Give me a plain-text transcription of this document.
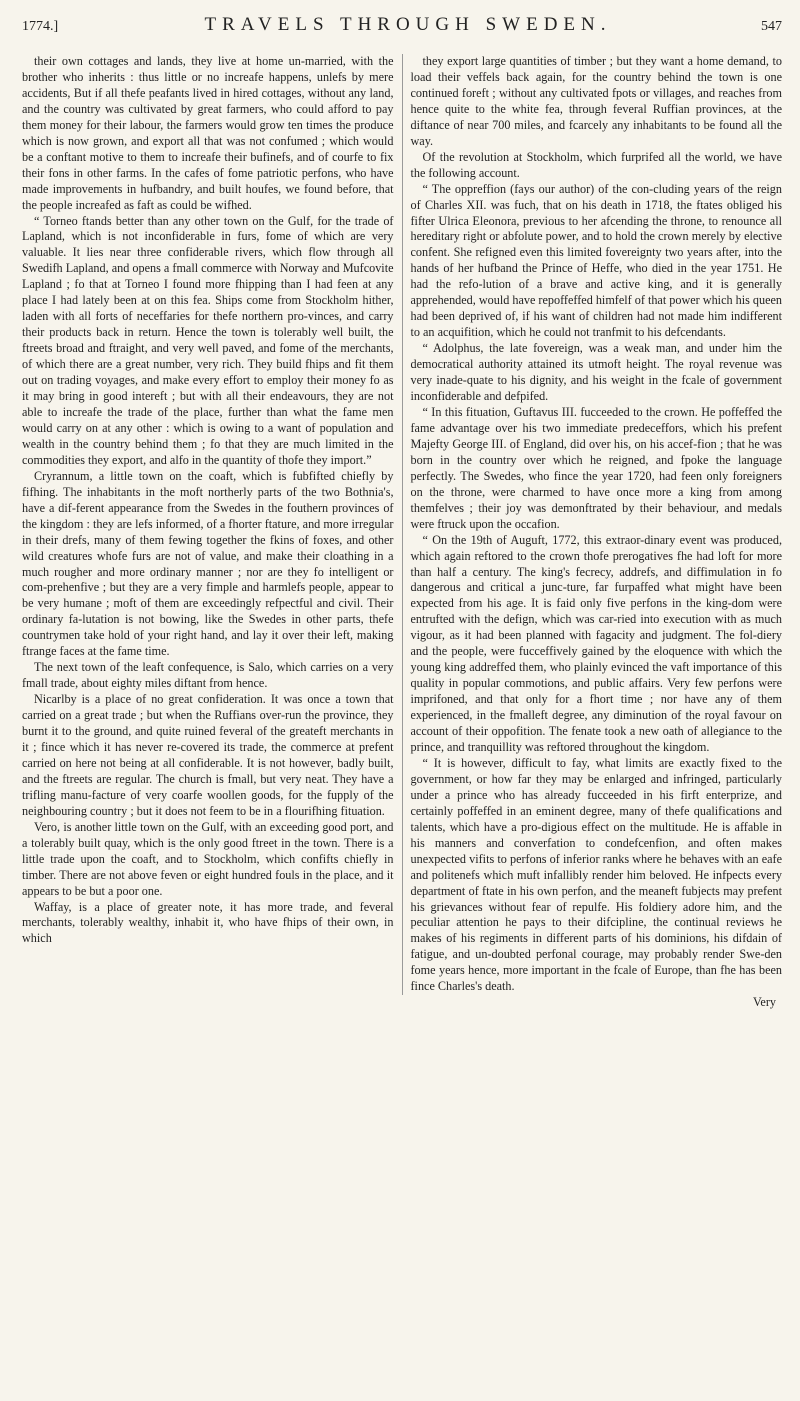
1774.]	TRAVELS THROUGH SWEDEN.	547

their own cottages and lands, they live at home un-married, with the brother who inherits : thus little or no increafe happens, unlefs by mere accidents, But if all thefe peafants lived in hired cottages, without any land, and the country was cultivated by great farmers, who could afford to pay them money for their labour, the farmers would grow ten times the produce which is now grown, and export all that was not confumed ; which would be a conftant motive to them to increafe their bufinefs, and of courfe to fix their fons in other farms. In the cafes of fome patriotic perfons, who have made improvements in hufbandry, and built houfes, we found before, that the people increafed as faft as could be wifhed.

“ Torneo ftands better than any other town on the Gulf, for the trade of Lapland, which is not inconfiderable in furs, fome of which are very valuable. It lies near three confiderable rivers, which flow through all Swedifh Lapland, and opens a fmall commerce with Norway and Mufcovite Lapland ; fo that at Torneo I found more fhipping than I had feen at any place I had lately been at on this fea. Ships come from Stockholm hither, laden with all forts of neceffaries for thefe northern pro-vinces, and carry their products back in return. Hence the town is tolerably well built, the ftreets broad and ftraight, and very well paved, and fome of the merchants, of which there are a great number, very rich. They build fhips and fit them out on trading voyages, and make every effort to employ their money fo as it may bring in good intereft ; but with all their endeavours, they are not able to increafe the trade of the place, further than what the fame men would carry on at any other : which is owing to a want of population and wealth in the country behind them ; fo that they are much limited in the commodities they export, and alfo in the quantity of thofe they import.”

Cryrannum, a little town on the coaft, which is fubfifted chiefly by fifhing. The inhabitants in the moft northerly parts of the two Bothnia's, have a dif-ferent appearance from the Swedes in the fouthern provinces of the kingdom : they are lefs informed, of a fhorter ftature, and more irregular in their drefs, many of them fewing together the fkins of foxes, and other wild creatures whofe furs are not of value, and make their cloathing in a much rougher and more ordinary manner ; nor are they fo intelligent or com-prehenfive ; but they are a very fimple and harmlefs people, appear to be very humane ; moft of them are exceedingly refpectful and civil. Their ordinary fa-lutation is not bowing, like the Swedes in other parts, thefe countrymen take hold of your right hand, and lay it over their left, making ftrange faces at the fame time.

The next town of the leaft confequence, is Salo, which carries on a very fmall trade, about eighty miles diftant from hence.

Nicarlby is a place of no great confideration. It was once a town that carried on a great trade ; but when the Ruffians over-run the province, they burnt it to the ground, and quite ruined feveral of the greateft merchants in it ; fince which it has never re-covered its trade, the commerce at prefent carried on here not being at all confiderable. It is not however, badly built, and the ftreets are regular. The church is fmall, but very neat. They have a trifling manu-facture of very coarfe woollen goods, for the fupply of the neighbouring country ; but it does not feem to be in a flourifhing fituation.

Vero, is another little town on the Gulf, with an exceeding good port, and a tolerably built quay, which is the only good ftreet in the town. There is a little trade upon the coaft, and to Stockholm, which confifts chiefly in timber. There are not above feven or eight hundred fouls in the place, and it appears to be but a poor one.

Waffay, is a place of greater note, it has more trade, and feveral merchants, tolerably wealthy, inhabit it, who have fhips of their own, in which

they export large quantities of timber ; but they want a home demand, to load their veffels back again, for the country behind the town is one continued foreft ; without any cultivated fpots or villages, and reaches from hence quite to the white fea, through feveral Ruffian provinces, at the diftance of near 700 miles, and fcarcely any inhabitants to be found all the way.

Of the revolution at Stockholm, which furprifed all the world, we have the following account.

“ The oppreffion (fays our author) of the con-cluding years of the reign of Charles XII. was fuch, that on his death in 1718, the ftates obliged his fifter Ulrica Eleonora, previous to her afcending the throne, to renounce all hereditary right or abfolute power, and to hold the crown merely by elective confent. She refigned even this limited fovereignty two years after, into the hands of her hufband the Prince of Heffe, who died in the year 1751. He had the refo-lution of a brave and active king, and it is generally apprehended, would have repoffeffed himfelf of that power which his queen had been deprived of, if his want of children had not made him indifferent to an acquifition, which he could not tranfmit to his defcendants.

“ Adolphus, the late fovereign, was a weak man, and under him the democratical authority attained its utmoft height. The royal revenue was very inade-quate to his dignity, and his weight in the fcale of government inconfiderable and defpifed.

“ In this fituation, Guftavus III. fucceeded to the crown. He poffeffed the fame advantage over his two immediate predeceffors, which his prefent Majefty George III. of England, did over his, on his accef-fion ; that he was born in the country over which he reigned, and fpoke the language perfectly. The Swedes, who fince the year 1720, had feen only foreigners on the throne, were charmed to have once more a king from among themfelves ; their joy was demonftrated by their behaviour, and medals were ftruck upon the occafion.

“ On the 19th of Auguft, 1772, this extraor-dinary event was produced, which again reftored to the crown thofe prerogatives fhe had loft for more than half a century. The king's fecrecy, addrefs, and diffimulation in fo dangerous and critical a junc-ture, far furpaffed what might have been expected from his age. It is faid only five perfons in the king-dom were entrufted with the defign, which was car-ried into execution with as much vigour, as it had been planned with fagacity and judgment. The fol-diery and the people, were fucceffively gained by the eloquence with which the young king addreffed them, who plainly evinced the vaft importance of this quality in popular commotions, and public affairs. Very few perfons were imprifoned, and that only for a fhort time ; nor have any of them experienced, in the fmalleft degree, any diminution of the royal favour on account of their oppofition. The fenate took a new oath of allegiance to the prince, and tranquillity was reftored throughout the kingdom.

“ It is however, difficult to fay, what limits are exactly fixed to the government, or how far they may be enlarged and infringed, particularly under a prince who has already fucceeded in his firft enterprize, and certainly poffeffed in an eminent degree, many of thefe qualifications and talents, which have a pro-digious effect on the multitude. He is affable in his manners and converfation to condefcenfion, and often makes unexpected vifits to perfons of inferior ranks where he behaves with an eafe and politenefs which muft infallibly render him beloved. He infpects every department of ftate in his own perfon, and the meaneft fubjects may prefent his grievances without fear of repulfe. His foldiery adore him, and the peculiar attention he pays to their difcipline, the continual reviews he makes of his regiments in different parts of his dominions, his difdain of fatigue, and un-doubted perfonal courage, may probably render Swe-den fome years hence, more important in the fcale of Europe, than fhe has been fince Charles's death.

Very
